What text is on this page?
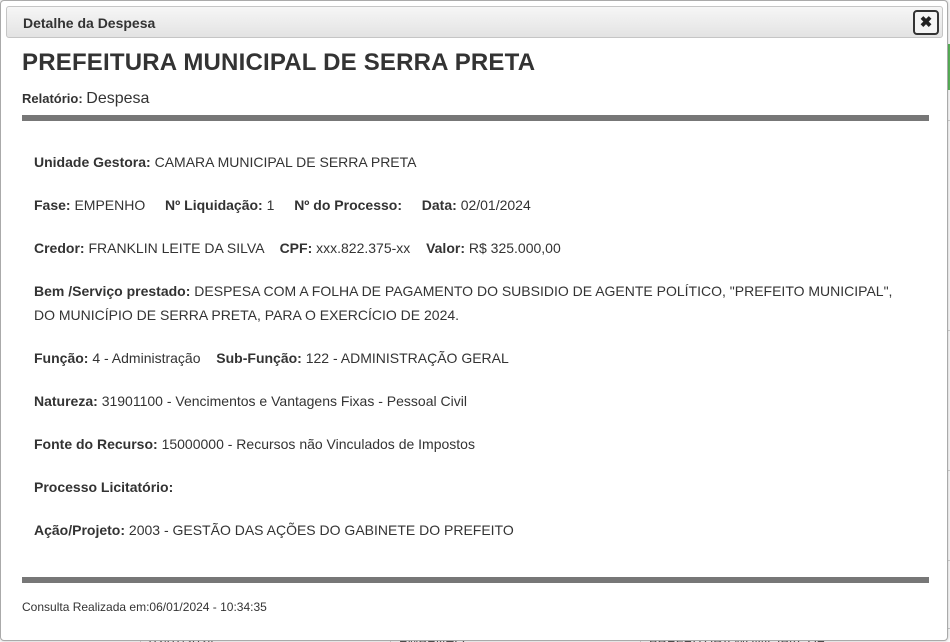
Detalhe da Despesa	✖
PREFEITURA MUNICIPAL DE SERRA PRETA
Relatório: Despesa
Unidade Gestora: CAMARA MUNICIPAL DE SERRA PRETA
Fase: EMPENHO Nº Liquidação: 1 Nº do Processo: Data: 02/01/2024
Credor: FRANKLIN LEITE DA SILVA CPF: xxx.822.375-xx Valor: R$ 325.000,00
Bem /Serviço prestado: DESPESA COM A FOLHA DE PAGAMENTO DO SUBSIDIO DE AGENTE POLÍTICO, "PREFEITO MUNICIPAL", DO MUNICÍPIO DE SERRA PRETA, PARA O EXERCÍCIO DE 2024.
Função: 4 - Administração Sub-Função: 122 - ADMINISTRAÇÃO GERAL
Natureza: 31901100 - Vencimentos e Vantagens Fixas - Pessoal Civil
Fonte do Recurso: 15000000 - Recursos não Vinculados de Impostos
Processo Licitatório:
Ação/Projeto: 2003 - GESTÃO DAS AÇÕES DO GABINETE DO PREFEITO
Consulta Realizada em:06/01/2024 - 10:34:35
